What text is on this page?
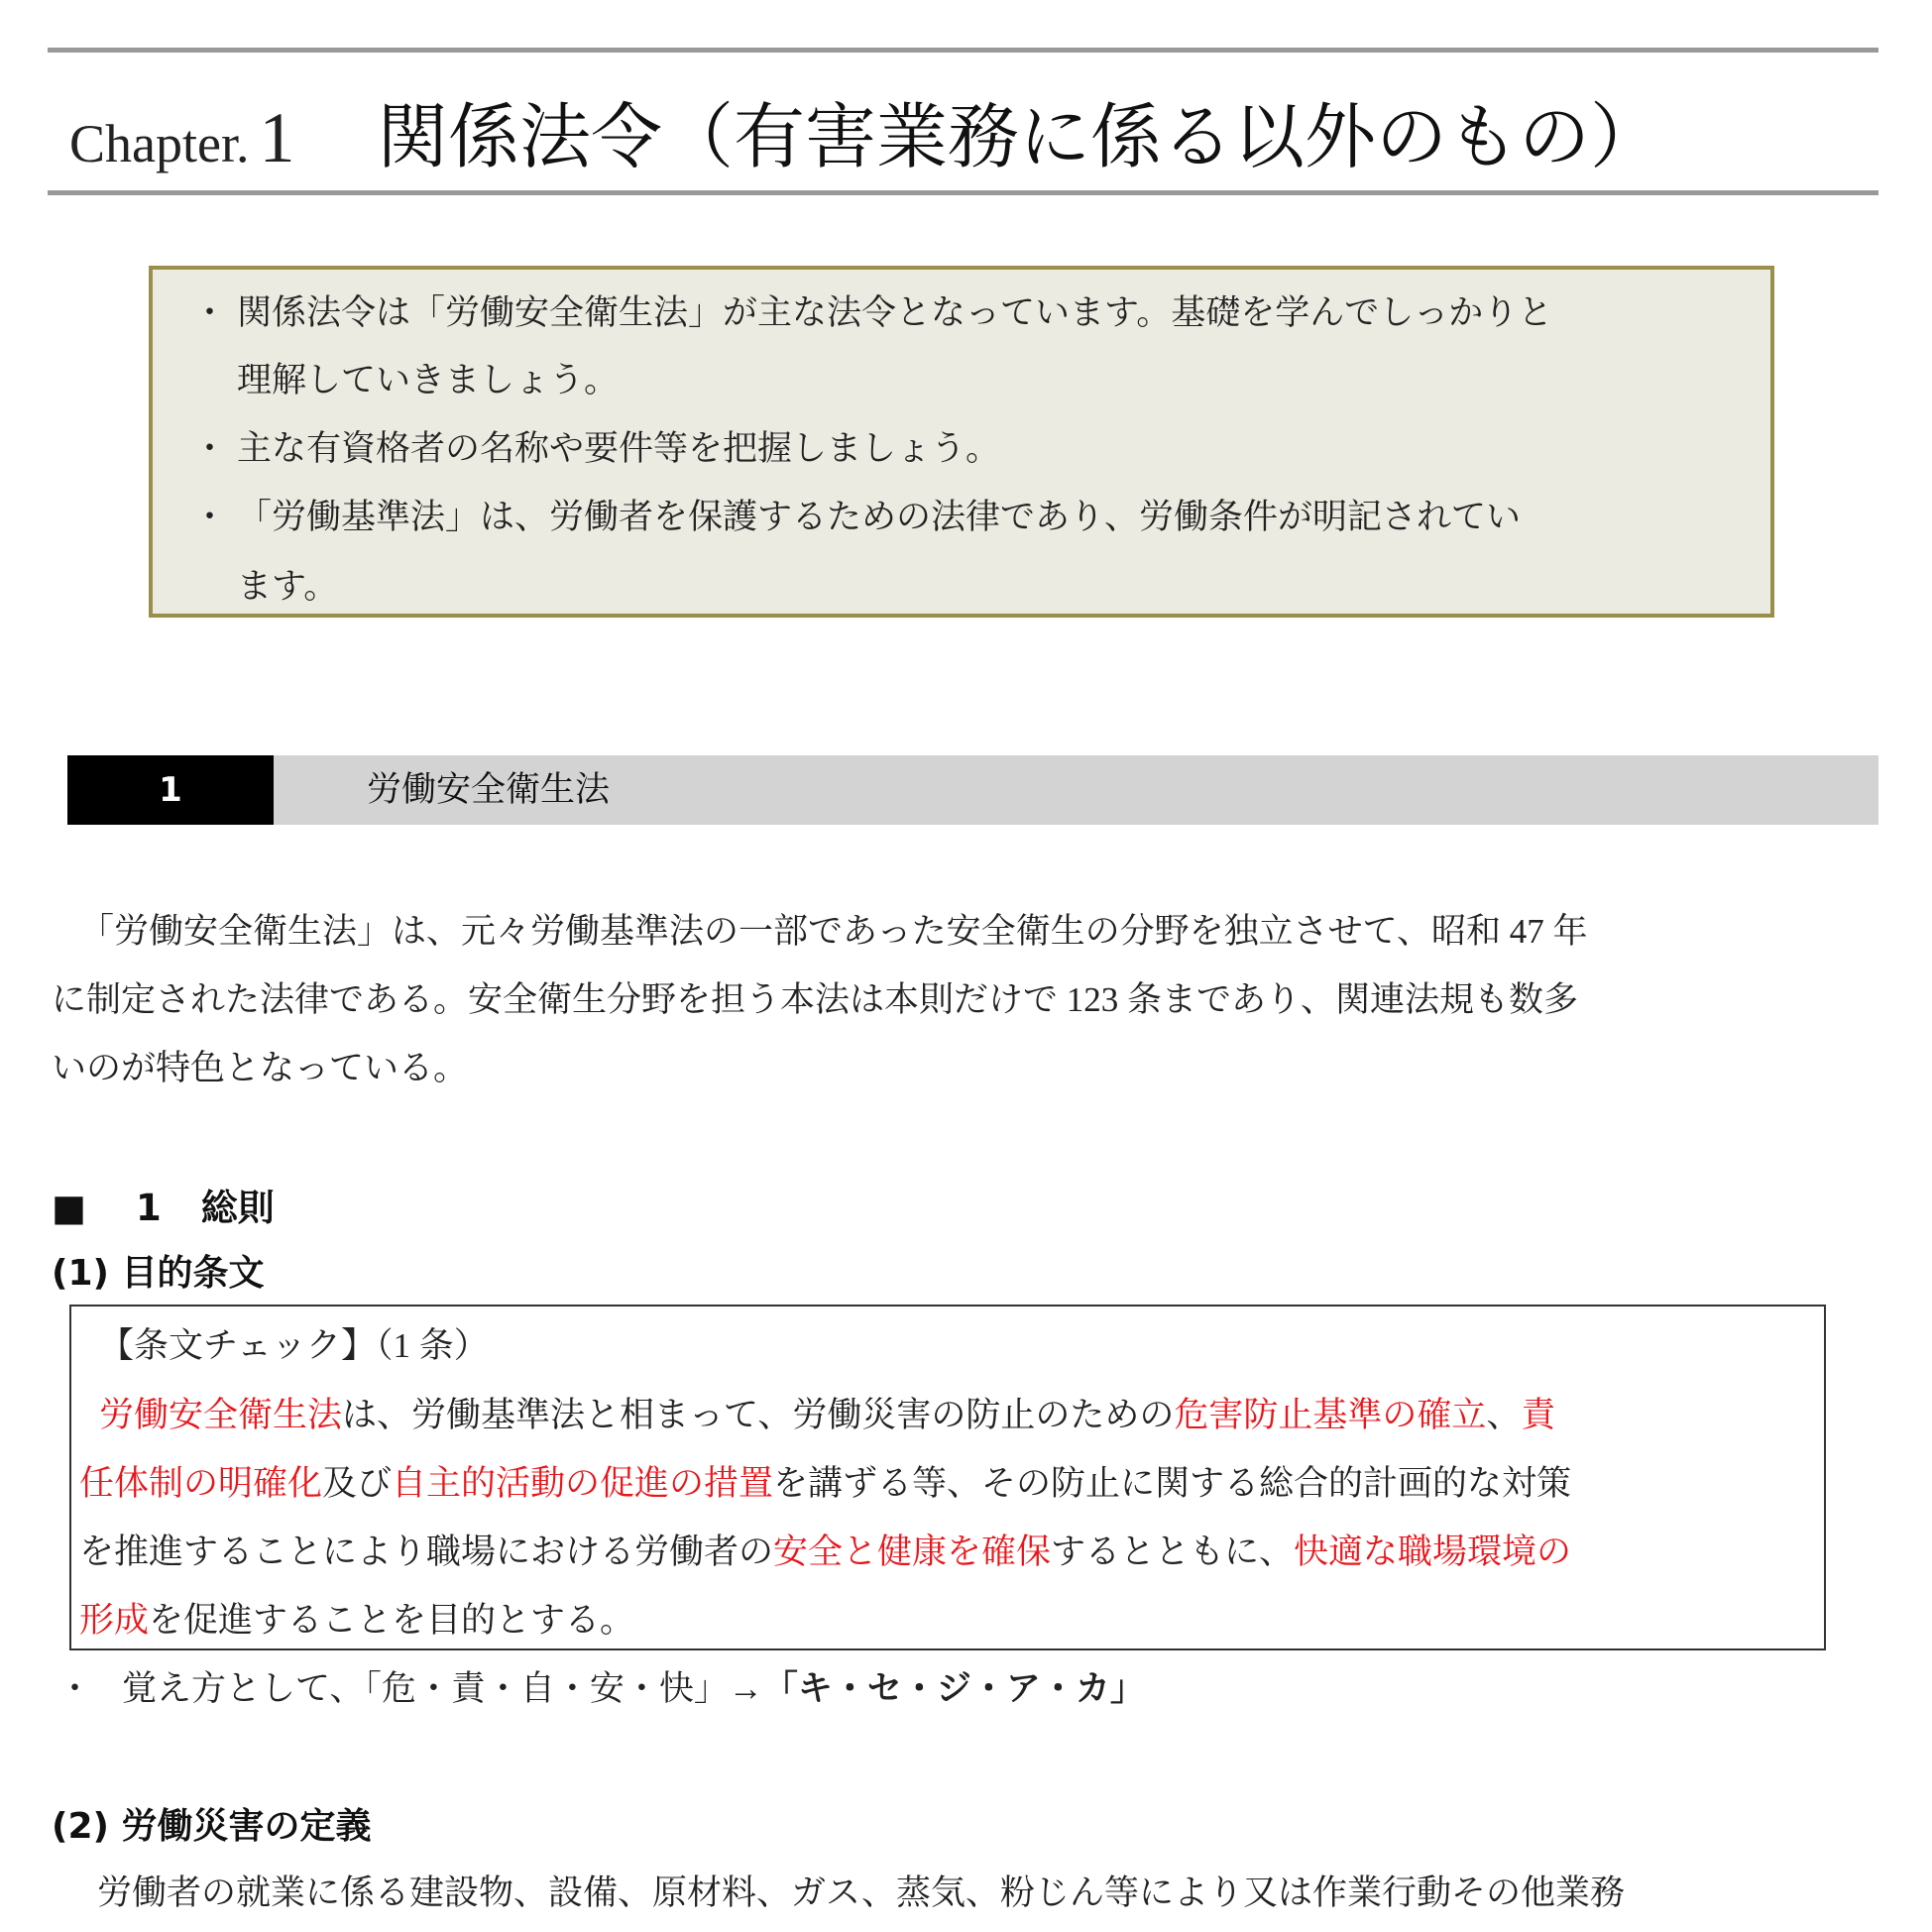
Chapter. 1 関係法令（有害業務に係る以外のもの）
・ 関係法令は「労働安全衛生法」が主な法令となっています。基礎を学んでしっかりと
理解していきましょう。
・ 主な有資格者の名称や要件等を把握しましょう。
・ 「労働基準法」は、労働者を保護するための法律であり、労働条件が明記されてい
ます。
1	労働安全衛生法
「労働安全衛生法」は、元々労働基準法の一部であった安全衛生の分野を独立させて、昭和 47 年
に制定された法律である。安全衛生分野を担う本法は本則だけで 123 条まであり、関連法規も数多
いのが特色となっている。
■ 1 総則
(1) 目的条文
【条文チェック】（1 条）
労働安全衛生法は、労働基準法と相まって、労働災害の防止のための危害防止基準の確立、責
任体制の明確化及び自主的活動の促進の措置を講ずる等、その防止に関する総合的計画的な対策
を推進することにより職場における労働者の安全と健康を確保するとともに、快適な職場環境の
形成を促進することを目的とする。
・ 覚え方として、「危・責・自・安・快」→「キ・セ・ジ・ア・カ」
(2) 労働災害の定義
労働者の就業に係る建設物、設備、原材料、ガス、蒸気、粉じん等により又は作業行動その他業務
